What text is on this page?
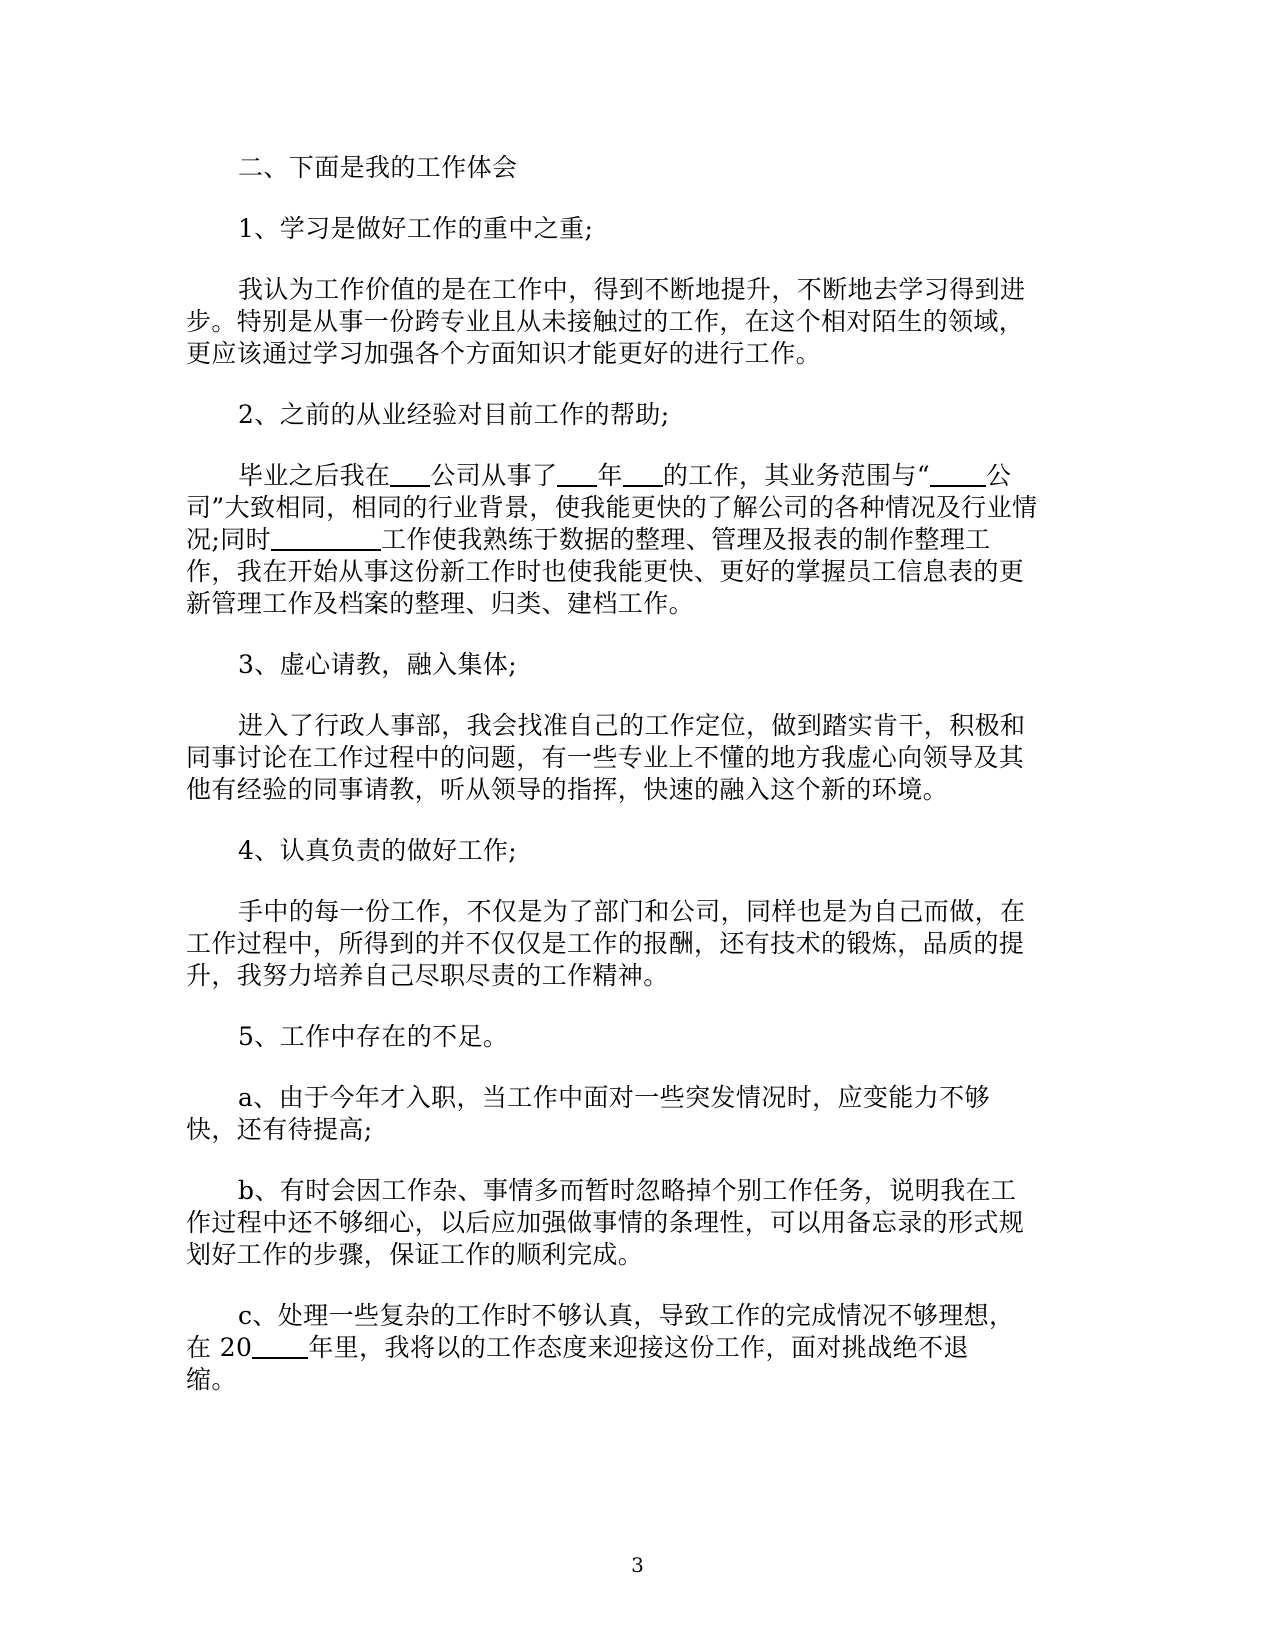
二、下面是我的工作体会

1、学习是做好工作的重中之重;

我认为工作价值的是在工作中，得到不断地提升，不断地去学习得到进步。特别是从事一份跨专业且从未接触过的工作，在这个相对陌生的领域，更应该通过学习加强各个方面知识才能更好的进行工作。

2、之前的从业经验对目前工作的帮助;

毕业之后我在 公司从事了 年 的工作，其业务范围与“ 公司”大致相同，相同的行业背景，使我能更快的了解公司的各种情况及行业情况;同时	工作使我熟练于数据的整理、管理及报表的制作整理工作，我在开始从事这份新工作时也使我能更快、更好的掌握员工信息表的更新管理工作及档案的整理、归类、建档工作。

3、虚心请教，融入集体;

进入了行政人事部，我会找准自己的工作定位，做到踏实肯干，积极和同事讨论在工作过程中的问题，有一些专业上不懂的地方我虚心向领导及其他有经验的同事请教，听从领导的指挥，快速的融入这个新的环境。

4、认真负责的做好工作;

手中的每一份工作，不仅是为了部门和公司，同样也是为自己而做，在工作过程中，所得到的并不仅仅是工作的报酬，还有技术的锻炼，品质的提升，我努力培养自己尽职尽责的工作精神。

5、工作中存在的不足。

a、由于今年才入职，当工作中面对一些突发情况时，应变能力不够快，还有待提高;

b、有时会因工作杂、事情多而暂时忽略掉个别工作任务，说明我在工作过程中还不够细心，以后应加强做事情的条理性，可以用备忘录的形式规划好工作的步骤，保证工作的顺利完成。

c、处理一些复杂的工作时不够认真，导致工作的完成情况不够理想，在 20 年里，我将以的工作态度来迎接这份工作，面对挑战绝不退缩。

3
